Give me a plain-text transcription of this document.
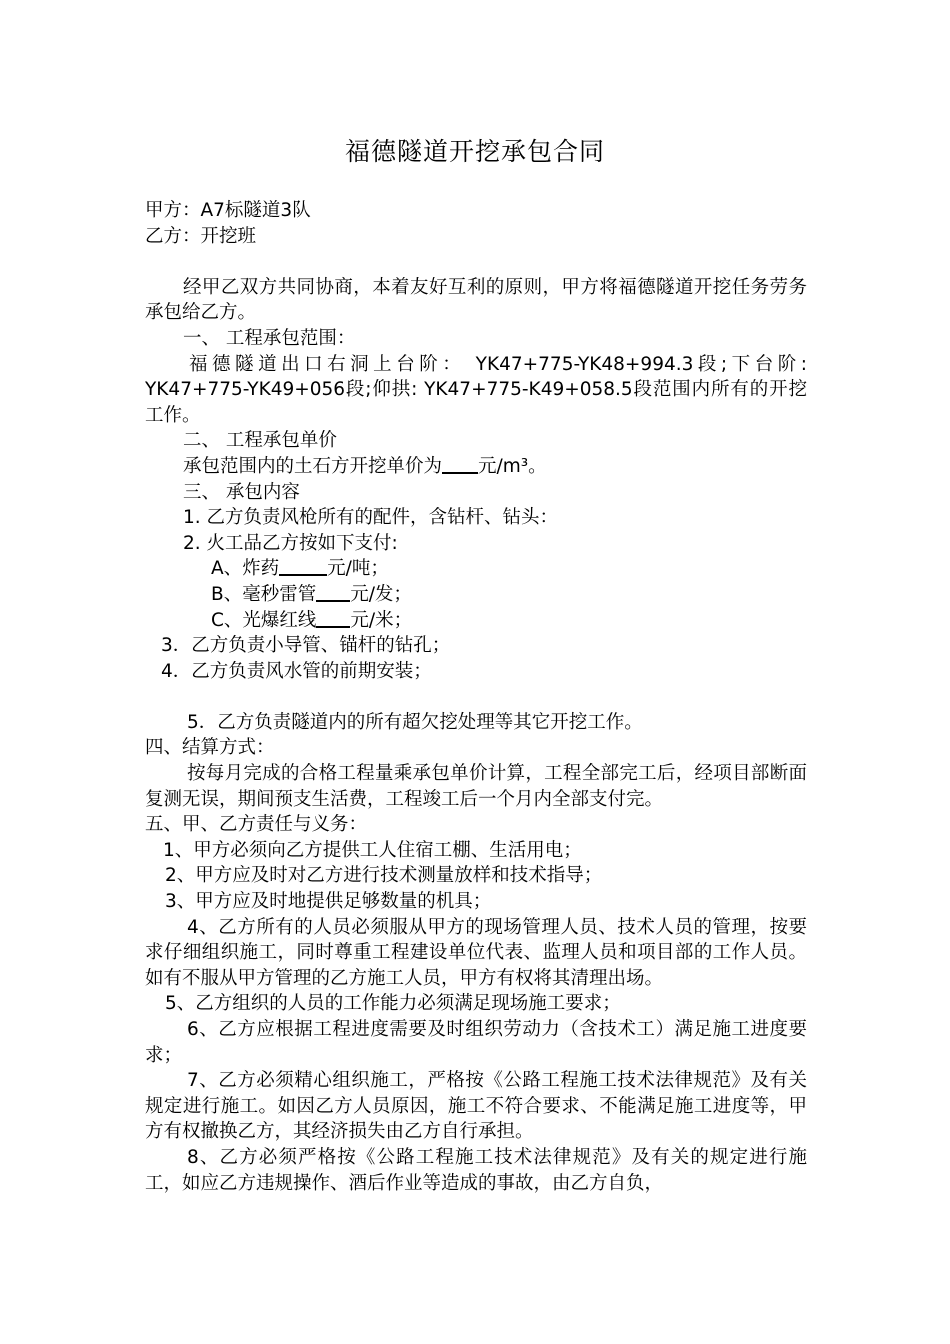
福德隧道开挖承包合同

甲方：A7标隧道3队

乙方：开挖班

经甲乙双方共同协商，本着友好互利的原则，甲方将福德隧道开挖任务劳务承包给乙方。

一、 工程承包范围：

福德隧道出口右洞上台阶： YK47+775-YK48+994.3段;下台阶: YK47+775-YK49+056段;仰拱: YK47+775-K49+058.5段范围内所有的开挖工作。

二、 工程承包单价

承包范围内的土石方开挖单价为 元/m³。

三、 承包内容

1. 乙方负责风枪所有的配件，含钻杆、钻头：

2. 火工品乙方按如下支付:

A、炸药	元/吨；

B、毫秒雷管 元/发；

C、光爆红线 元/米；

3．乙方负责小导管、锚杆的钻孔；

4．乙方负责风水管的前期安装；

5．乙方负责隧道内的所有超欠挖处理等其它开挖工作。

四、结算方式：

按每月完成的合格工程量乘承包单价计算，工程全部完工后，经项目部断面复测无误，期间预支生活费，工程竣工后一个月内全部支付完。

五、甲、乙方责任与义务：

1、甲方必须向乙方提供工人住宿工棚、生活用电；

2、甲方应及时对乙方进行技术测量放样和技术指导；

3、甲方应及时地提供足够数量的机具；

4、乙方所有的人员必须服从甲方的现场管理人员、技术人员的管理，按要求仔细组织施工，同时尊重工程建设单位代表、监理人员和项目部的工作人员。如有不服从甲方管理的乙方施工人员，甲方有权将其清理出场。

5、乙方组织的人员的工作能力必须满足现场施工要求；

6、乙方应根据工程进度需要及时组织劳动力（含技术工）满足施工进度要求；

7、乙方必须精心组织施工，严格按《公路工程施工技术法律规范》及有关规定进行施工。如因乙方人员原因，施工不符合要求、不能满足施工进度等，甲方有权撤换乙方，其经济损失由乙方自行承担。

8、乙方必须严格按《公路工程施工技术法律规范》及有关的规定进行施工，如应乙方违规操作、酒后作业等造成的事故，由乙方自负，
